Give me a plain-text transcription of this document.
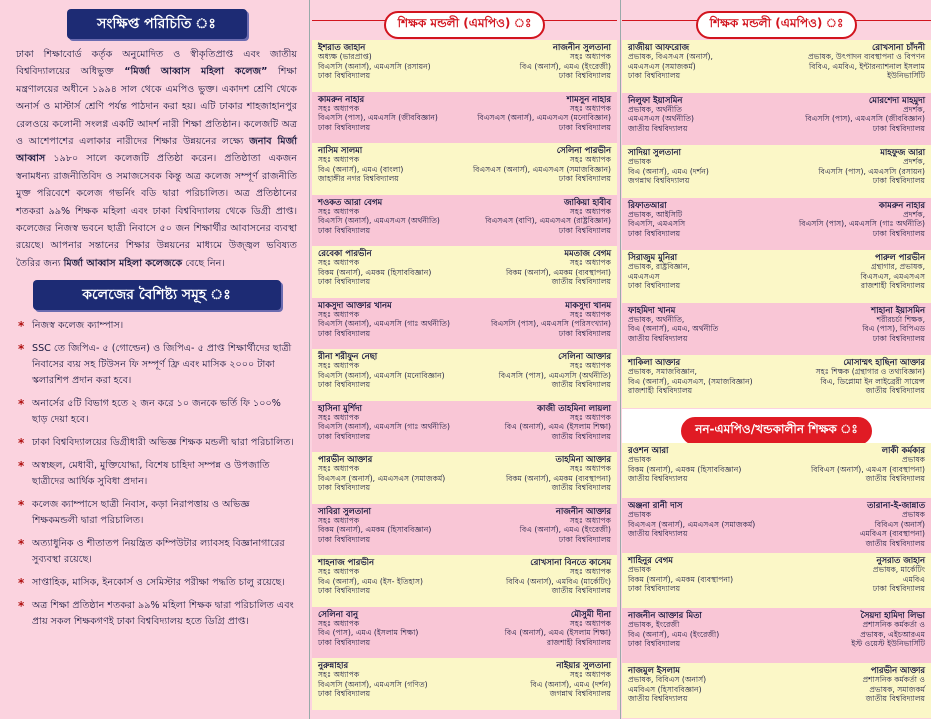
সংক্ষিপ্ত পরিচিতি ঃ
ঢাকা শিক্ষাবোর্ড কর্তৃক অনুমোদিত ও স্বীকৃতিপ্রাপ্ত এবং জাতীয় বিশ্ববিদ্যালয়ের অধিভুক্ত “মির্জা আব্বাস মহিলা কলেজ” শিক্ষা মন্ত্রণালয়ের অধীনে ১৯৯৪ সাল থেকে এমপিও ভুক্ত। একাদশ শ্রেণি থেকে অনার্স ও মাস্টার্স শ্রেণি পর্যন্ত পাঠদান করা হয়। এটি ঢাকার শাহজাহানপুর রেলওয়ে কলোনী সংলগ্ন একটি আদর্শ নারী শিক্ষা প্রতিষ্ঠান। কলেজটি অত্র ও আশেপাশের এলাকার নারীদের শিক্ষার উন্নয়নের লক্ষ্যে জনাব মির্জা আব্বাস ১৯৮০ সালে কলেজটি প্রতিষ্ঠা করেন। প্রতিষ্ঠাতা একজন স্বনামধন্য রাজনীতিবিদ ও সমাজসেবক কিন্তু অত্র কলেজ সম্পূর্ণ রাজনীতি মুক্ত পরিবেশে কলেজ গভর্নিং বডি দ্বারা পরিচালিত। অত্র প্রতিষ্ঠানের শতকরা ৯৯% শিক্ষক মহিলা এবং ঢাকা বিশ্ববিদ্যালয় থেকে ডিগ্রী প্রাপ্ত। কলেজের নিজস্ব ভবনে ছাত্রী নিবাসে ৫০ জন শিক্ষার্থীর আবাসনের ব্যবস্থা রয়েছে। আপনার সন্তানের শিক্ষার উন্নয়নের মাধ্যমে উজ্জ্বল ভবিষ্যত তৈরির জন্য মির্জা আব্বাস মহিলা কলেজকে বেছে নিন।
কলেজের বৈশিষ্ট্য সমূহ ঃ
* নিজস্ব কলেজ ক্যাম্পাস।
* SSC তে জিপিএ- ৫ (গোল্ডেন) ও জিপিএ- ৫ প্রাপ্ত শিক্ষার্থীদের ছাত্রী নিবাসের ব্যয় সহ টিউসন ফি সম্পূর্ণ ফ্রি এবং মাসিক ২০০০ টাকা স্কলারশিপ প্রদান করা হবে।
* অনার্সের ৫টি বিভাগ হতে ২ জন করে ১০ জনকে ভর্তি ফি ১০০% ছাড় দেয়া হবে।
* ঢাকা বিশ্ববিদ্যালয়ের ডিগ্রীধারী অভিজ্ঞ শিক্ষক মন্ডলী দ্বারা পরিচালিত।
* অস্বচ্ছল, মেধাবী, মুক্তিযোদ্ধা, বিশেষ চাহিদা সম্পন্ন ও উপজাতি ছাত্রীদের আর্থিক সুবিধা প্রদান।
* কলেজ ক্যাম্পাসে ছাত্রী নিবাস, কড়া নিরাপত্তায় ও অভিজ্ঞ শিক্ষকমন্ডলী দ্বারা পরিচালিত।
* অত্যাধুনিক ও শীতাতপ নিয়ন্ত্রিত কম্পিউটার ল্যাবসহ বিজ্ঞানাগারের সুব্যবস্থা রয়েছে।
* সাপ্তাহিক, মাসিক, ইনকোর্স ও সেমিস্টার পরীক্ষা পদ্ধতি চালু রয়েছে।
* অত্র শিক্ষা প্রতিষ্ঠান শতকরা ৯৯% মহিলা শিক্ষক দ্বারা পরিচালিত এবং প্রায় সকল শিক্ষকগণই ঢাকা বিশ্ববিদ্যালয় হতে ডিগ্রি প্রাপ্ত।
শিক্ষক মন্ডলী (এমপিও) ঃ
ইশরাত জাহান
অধ্যক্ষ (ভারপ্রাপ্ত)
বিএসসি (অনার্স), এমএসসি (রসায়ন)
ঢাকা বিশ্ববিদ্যালয়
নাজনীন সুলতানা
সহঃ অধ্যাপক
বিএ (অনার্স), এমএ (ইংরেজী)
ঢাকা বিশ্ববিদ্যালয়
কামরুন নাহার
সহঃ অধ্যাপক
বিএসসি (পাস), এমএসসি (জীববিজ্ঞান)
ঢাকা বিশ্ববিদ্যালয়
শামসুন নাহার
সহঃ অধ্যাপক
বিএসএস (অনার্স), এমএসএস (মনোবিজ্ঞান)
ঢাকা বিশ্ববিদ্যালয়
নাসিম সালমা
সহঃ অধ্যাপক
বিএ (অনার্স), এমএ (বাংলা)
জাহাঙ্গীর নগর বিশ্ববিদ্যালয়
সেলিনা পারভীন
সহঃ অধ্যাপক
বিএসএস (অনার্স), এমএসএস (সমাজবিজ্ঞান)
ঢাকা বিশ্ববিদ্যালয়
শওকত আরা বেগম
সহঃ অধ্যাপক
বিএসসি (অনার্স), এমএসএস (অর্থনীতি)
ঢাকা বিশ্ববিদ্যালয়
জাকিয়া হাবীব
সহঃ অধ্যাপক
বিএসএস (বাণি), এমএসএস (রাষ্ট্রবিজ্ঞান)
ঢাকা বিশ্ববিদ্যালয়
রেবেকা পারভীন
সহঃ অধ্যাপক
বিকম (অনার্স), এমকম (হিসাববিজ্ঞান)
ঢাকা বিশ্ববিদ্যালয়
মমতাজ বেগম
সহঃ অধ্যাপক
বিকম (অনার্স), এমকম (ব্যবস্থাপনা)
জাতীয় বিশ্ববিদ্যালয়
মাকসুদা আক্তার খানম
সহঃ অধ্যাপক
বিএসসি (অনার্স), এমএসসি (গাঃ অর্থনীতি)
ঢাকা বিশ্ববিদ্যালয়
মাকসুদা খানম
সহঃ অধ্যাপক
বিএসসি (পাস), এমএসসি (পরিসংখ্যান)
ঢাকা বিশ্ববিদ্যালয়
রীনা শরীফুন নেছা
সহঃ অধ্যাপক
বিএসসি (অনার্স), এমএসসি (মনোবিজ্ঞান)
ঢাকা বিশ্ববিদ্যালয়
সেলিনা আক্তার
সহঃ অধ্যাপক
বিএসসি (পাস), এমএসসি (অর্থনীতি)
জাতীয় বিশ্ববিদ্যালয়
হাসিনা মুর্শিদা
সহঃ অধ্যাপক
বিএসসি (অনার্স), এমএসসি (গাঃ অর্থনীতি)
ঢাকা বিশ্ববিদ্যালয়
কাজী তাহমিনা লায়লা
সহঃ অধ্যাপক
বিএ (অনার্স), এমএ (ইসলাম শিক্ষা)
জাতীয় বিশ্ববিদ্যালয়
পারভীন আক্তার
সহঃ অধ্যাপক
বিএসএস (অনার্স), এমএসএস (সমাজকর্ম)
ঢাকা বিশ্ববিদ্যালয়
তাহমিনা আক্তার
সহঃ অধ্যাপক
বিকম (অনার্স), এমকম (ব্যবস্থাপনা)
জাতীয় বিশ্ববিদ্যালয়
সাবিরা সুলতানা
সহঃ অধ্যাপক
বিকম (অনার্স), এমকম (হিসাববিজ্ঞান)
ঢাকা বিশ্ববিদ্যালয়
নাজনীন আক্তার
সহঃ অধ্যাপক
বিএ (অনার্স), এমএ (ইংরেজী)
ঢাকা বিশ্ববিদ্যালয়
শাহনাজ পারভীন
সহঃ অধ্যাপক
বিএ (অনার্স), এমএ (ইস- ইতিহাস)
ঢাকা বিশ্ববিদ্যালয়
রোখসানা বিনতে কাসেম
সহঃ অধ্যাপক
বিবিএ (অনার্স), এমবিএ (মার্কেটিং)
জাতীয় বিশ্ববিদ্যালয়
সেলিনা বানু
সহঃ অধ্যাপক
বিএ (পাস), এমএ (ইসলাম শিক্ষা)
ঢাকা বিশ্ববিদ্যালয়
মৌসুমী দীনা
সহঃ অধ্যাপক
বিএ (অনার্স), এমএ (ইসলাম শিক্ষা)
রাজশাহী বিশ্ববিদ্যালয়
নুরুন্নাহার
সহঃ অধ্যাপক
বিএসসি (অনার্স), এমএসসি (গণিত)
ঢাকা বিশ্ববিদ্যালয়
নাইয়ার সুলতানা
সহঃ অধ্যাপক
বিএ (অনার্স), এমএ (দর্শন)
জগন্নাথ বিশ্ববিদ্যালয়
শিক্ষক মন্ডলী (এমপিও) ঃ
রাজীয়া আফরোজ
প্রভাষক, বিএসএস (অনার্স),
এমএসএস (সমাজকর্ম)
ঢাকা বিশ্ববিদ্যালয়
রোখসানা চাঁদনী
প্রভাষক, উৎপাদন ব্যবস্থাপনা ও বিপণন
বিবিএ, এমবিএ, ইন্টারন্যাশনাল ইসলাম
ইউনিভার্সিটি
নিলুফা ইয়াসমিন
প্রভাষক, অর্থনীতি
এমএসএস (অর্থনীতি)
জাতীয় বিশ্ববিদ্যালয়
মোরশেদা মাহমুদা
প্রদর্শক,
বিএসসি (পাস), এমএসসি (জীববিজ্ঞান)
ঢাকা বিশ্ববিদ্যালয়
সাদিয়া সুলতানা
প্রভাষক
বিএ (অনার্স), এমএ (দর্শন)
জগন্নাথ বিশ্ববিদ্যালয়
মাহফুজ আরা
প্রদর্শক,
বিএসসি (পাস), এমএসসি (রসায়ন)
ঢাকা বিশ্ববিদ্যালয়
রিফাতআরা
প্রভাষক, আইসিটি
বিএসসি, এমএসসি
ঢাকা বিশ্ববিদ্যালয়
কামরুন নাহার
প্রদর্শক,
বিএসসি (পাস), এমএসসি (গাঃ অর্থনীতি)
ঢাকা বিশ্ববিদ্যালয়
সিরাজুম মুনিরা
প্রভাষক, রাষ্ট্রবিজ্ঞান,
এমএসএস
ঢাকা বিশ্ববিদ্যালয়
পারুল পারভীন
গ্রন্থাগার, প্রভাষক,
বিএসএস, এমএসএস
রাজশাহী বিশ্ববিদ্যালয়
ফাহমিদা খানম
প্রভাষক, অর্থনীতি,
বিএ (অনার্স), এমএ, অর্থনীতি
জাতীয় বিশ্ববিদ্যালয়
শাহানা ইয়াসমিন
শরীরচর্চা শিক্ষক,
বিএ (পাস), বিপিএড
ঢাকা বিশ্ববিদ্যালয়
শাকিলা আক্তার
প্রভাষক, সমাজবিজ্ঞান,
বিএ (অনার্স), এমএসএস, (সমাজবিজ্ঞান)
রাজশাহী বিশ্ববিদ্যালয়
মোসাম্মৎ হাছিনা আক্তার
সহঃ শিক্ষক (গ্রন্থাগার ও তথ্যবিজ্ঞান)
বিএ, ডিপ্লোমা ইন লাইব্রেরী সায়েন্স
জাতীয় বিশ্ববিদ্যালয়
নন-এমপিও/খন্ডকালীন শিক্ষক ঃ
রওশন আরা
প্রভাষক
বিকম (অনার্স), এমকম (হিসাববিজ্ঞান)
জাতীয় বিশ্ববিদ্যালয়
লাকী কর্মকার
প্রভাষক
বিবিএস (অনার্স), এমএস (ব্যবস্থাপনা)
জাতীয় বিশ্ববিদ্যালয়
অঞ্জনা রানী দাস
প্রভাষক
বিএসএস (অনার্স), এমএসএস (সমাজকর্ম)
জাতীয় বিশ্ববিদ্যালয়
তারানা-ই-জান্নাত
প্রভাষক
বিবিএস (অনার্স)
এমবিএস (ব্যবস্থাপনা)
জাতীয় বিশ্ববিদ্যালয়
শাহিনুর বেগম
প্রভাষক
বিকম (অনার্স), এমকম (ব্যবস্থাপনা)
ঢাকা বিশ্ববিদ্যালয়
নুসরাত জাহান
প্রভাষক, মার্কেটিং
এমবিএ
ঢাকা বিশ্ববিদ্যালয়
নাজনীন আক্তার মিতা
প্রভাষক, ইংরেজী
বিএ (অনার্স), এমএ (ইংরেজী)
ঢাকা বিশ্ববিদ্যালয়
সৈয়দা হামিদা লিভা
প্রশাসনিক কর্মকর্তা ও
প্রভাষক, এইচআরএম
ইস্ট ওয়েস্ট ইউনিভার্সিটি
নাজমুল ইসলাম
প্রভাষক, বিবিএস (অনার্স)
এমবিএস (হিসাববিজ্ঞান)
জাতীয় বিশ্ববিদ্যালয়
পারভীন আক্তার
প্রশাসনিক কর্মকর্তা ও
প্রভাষক, সমাজকর্ম
জাতীয় বিশ্ববিদ্যালয়
